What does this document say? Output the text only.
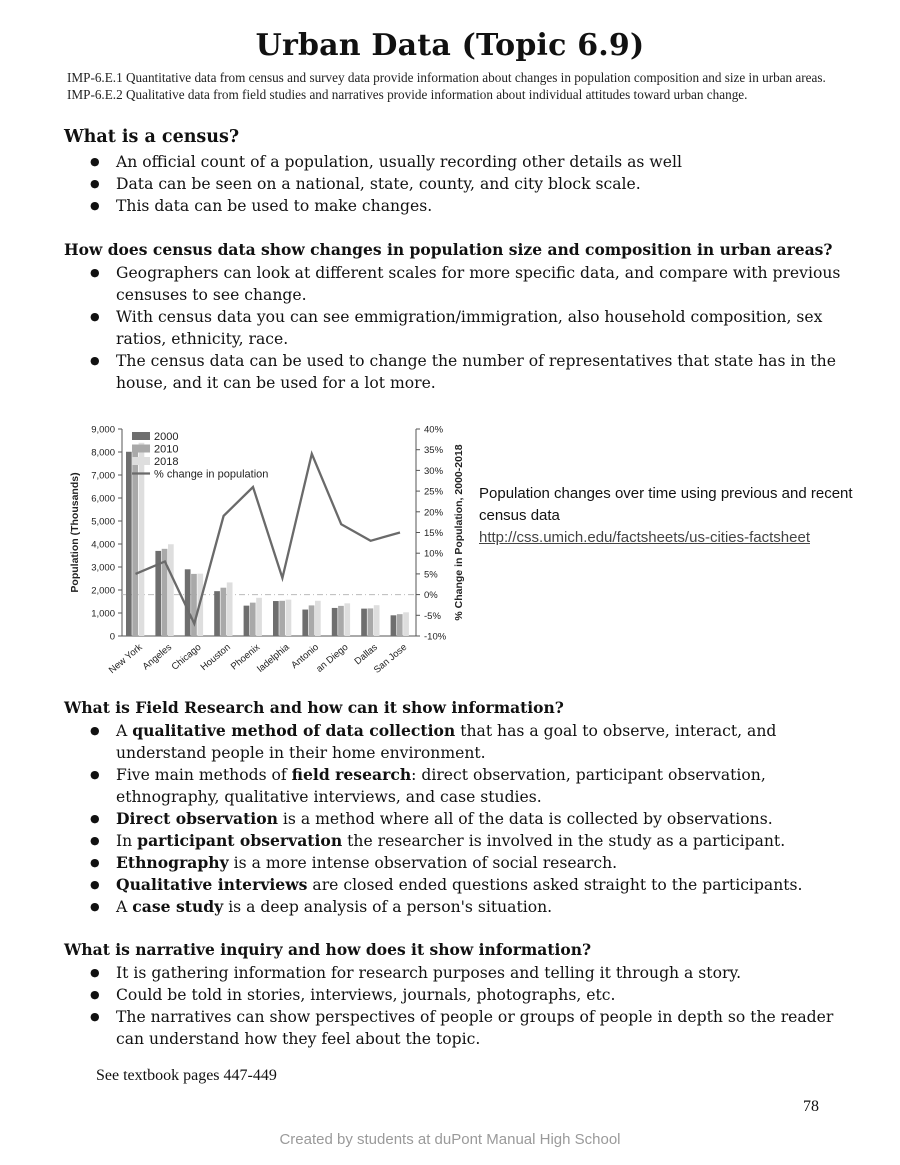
Urban Data (Topic 6.9)
IMP-6.E.1 Quantitative data from census and survey data provide information about changes in population composition and size in urban areas.
IMP-6.E.2 Qualitative data from field studies and narratives provide information about individual attitudes toward urban change.
What is a census?
● An official count of a population, usually recording other details as well
● Data can be seen on a national, state, county, and city block scale.
● This data can be used to make changes.
How does census data show changes in population size and composition in urban areas?
● Geographers can look at different scales for more specific data, and compare with previous censuses to see change.
● With census data you can see emmigration/immigration, also household composition, sex ratios, ethnicity, race.
● The census data can be used to change the number of representatives that state has in the house, and it can be used for a lot more.
0
1,000
2,000
3,000
4,000
5,000
6,000
7,000
8,000
9,000
-10%
-5%
0%
5%
10%
15%
20%
25%
30%
35%
40%
New York
Angeles
Chicago
Houston
Phoenix
ladelphia
Antonio
an Diego Dallas
San Jose
Population (Thousands)	% Change in Population, 2000-2018
2000
2010
2018
% change in population
Population changes over time using previous and recent census data
http://css.umich.edu/factsheets/us-cities-factsheet
What is Field Research and how can it show information?
● A qualitative method of data collection that has a goal to observe, interact, and understand people in their home environment.
● Five main methods of field research: direct observation, participant observation, ethnography, qualitative interviews, and case studies.
● Direct observation is a method where all of the data is collected by observations.
● In participant observation the researcher is involved in the study as a participant.
● Ethnography is a more intense observation of social research.
● Qualitative interviews are closed ended questions asked straight to the participants.
● A case study is a deep analysis of a person's situation.
What is narrative inquiry and how does it show information?
● It is gathering information for research purposes and telling it through a story.
● Could be told in stories, interviews, journals, photographs, etc.
● The narratives can show perspectives of people or groups of people in depth so the reader can understand how they feel about the topic.
See textbook pages 447-449
78
Created by students at duPont Manual High School
